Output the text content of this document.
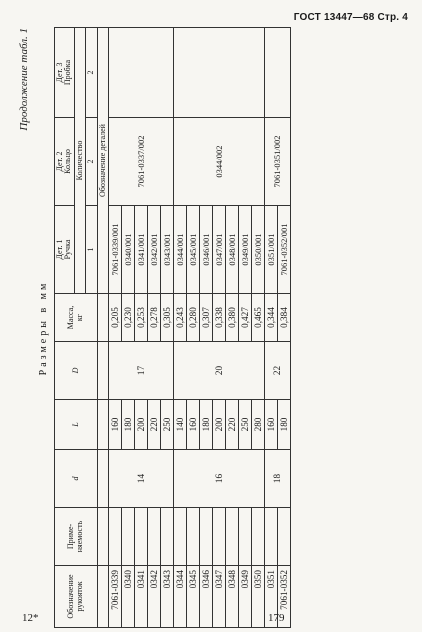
ГОСТ 13447—68 Стр. 4
Продолжение табл. 1
Размеры в мм
Обозначение рукояток	Приме-
няемость	d	L	D	Масса,
кг	Дет. 1
Ручка	Дет. 2
Кольцо	Дет. 3
Пробка
						Количество		
						1	2	2
						Обозначение деталей		
7061-0339		14	160	17	0,205	7061-0339/001	7061-0337/002	
0340			180		0,230	0340/001		
0341			200		0,253	0341/001		
0342			220		0,278	0342/001		
0343			250		0,305	0343/001		
0344		16	140	20	0,243	0344/001	0344/002	
0345			160		0,280	0345/001		
0346			180		0,307	0346/001		
0347			200		0,338	0347/001		
0348			220		0,380	0348/001		
0349			250		0,427	0349/001		
0350			280		0,465	0350/001		
0351		18	160	22	0,344	0351/001	7061-0351/002	
7061-0352			180		0,384	7061-0352/001		
12*	179
